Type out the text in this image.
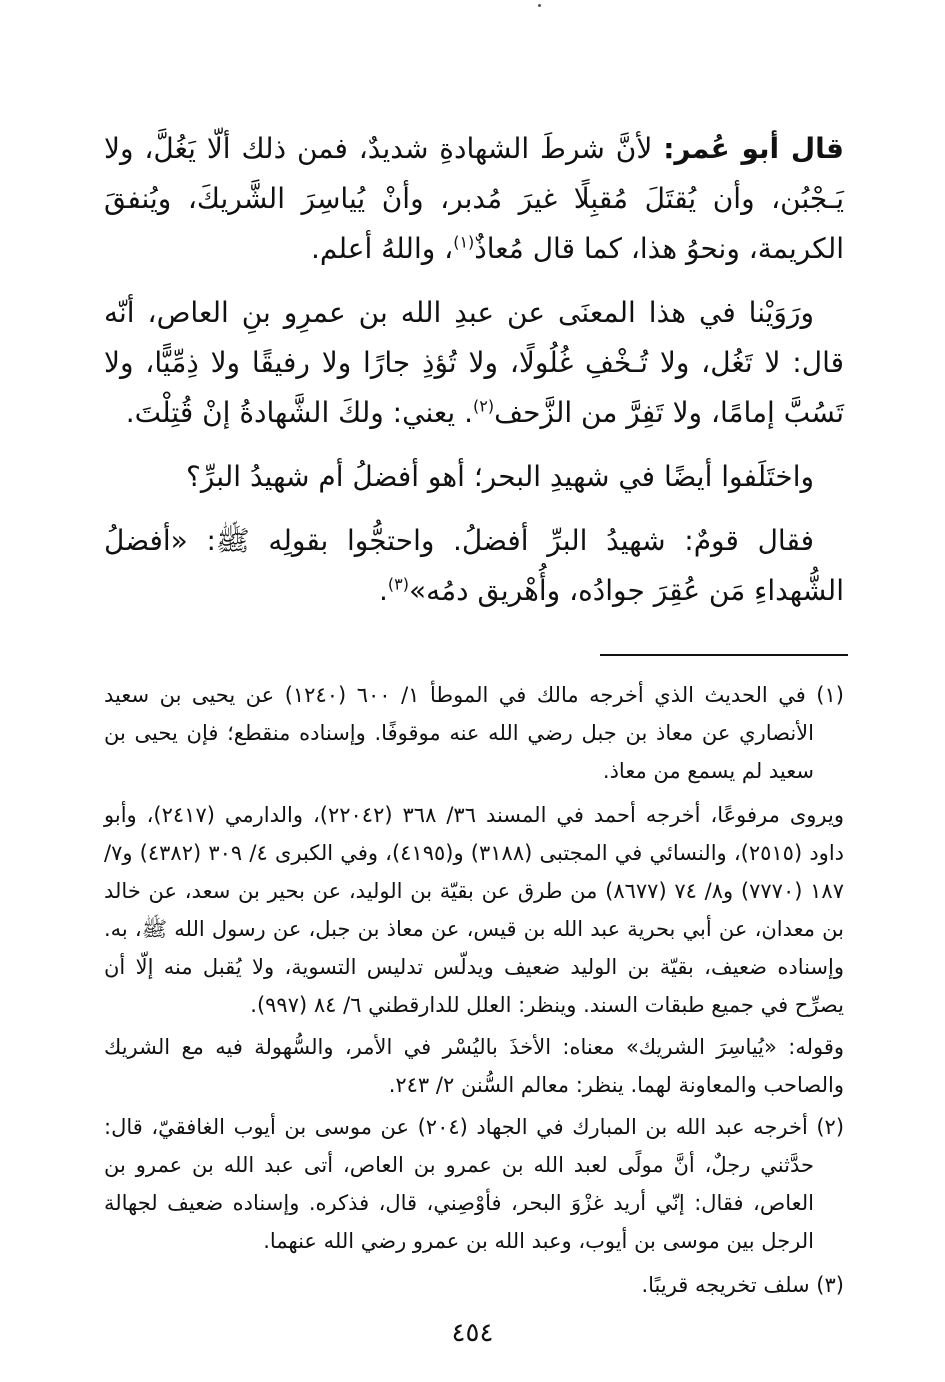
قال أبو عُمر: لأنَّ شرطَ الشهادةِ شديدٌ، فمن ذلك ألّا يَغُلَّ، ولا يَـجْبُن، وأن يُقتَلَ مُقبِلًا غيرَ مُدبر، وأنْ يُياسِرَ الشَّريكَ، ويُنفقَ الكريمة، ونحوُ هذا، كما قال مُعاذٌ$^{(١)}$، واللهُ أعلم.

ورَوَيْنا في هذا المعنَى عن عبدِ الله بن عمرِو بنِ العاص، أنّه قال: لا تَغُل، ولا تُـخْفِ غُلُولًا، ولا تُؤذِ جارًا ولا رفيقًا ولا ذِمِّيًّا، ولا تَسُبَّ إمامًا، ولا تَفِرَّ من الزَّحف$^{(٢)}$. يعني: ولكَ الشَّهادةُ إنْ قُتِلْتَ.

واختَلَفوا أيضًا في شهيدِ البحر؛ أهو أفضلُ أم شهيدُ البرِّ؟

فقال قومٌ: شهيدُ البرِّ أفضلُ. واحتجُّوا بقولِه ﷺ: «أفضلُ الشُّهداءِ مَن عُقِرَ جوادُه، وأُهْريق دمُه»$^{(٣)}$.

(١) في الحديث الذي أخرجه مالك في الموطأ ١/ ٦٠٠ (١٢٤٠) عن يحيى بن سعيد الأنصاري عن معاذ بن جبل رضي الله عنه موقوفًا. وإسناده منقطع؛ فإن يحيى بن سعيد لم يسمع من معاذ.

ويروى مرفوعًا، أخرجه أحمد في المسند ٣٦/ ٣٦٨ (٢٢٠٤٢)، والدارمي (٢٤١٧)، وأبو داود (٢٥١٥)، والنسائي في المجتبى (٣١٨٨) و(٤١٩٥)، وفي الكبرى ٤/ ٣٠٩ (٤٣٨٢) و٧/ ١٨٧ (٧٧٧٠) و٨/ ٧٤ (٨٦٧٧) من طرق عن بقيّة بن الوليد، عن بحير بن سعد، عن خالد بن معدان، عن أبي بحرية عبد الله بن قيس، عن معاذ بن جبل، عن رسول الله ﷺ، به. وإسناده ضعيف، بقيّة بن الوليد ضعيف ويدلّس تدليس التسوية، ولا يُقبل منه إلّا أن يصرِّح في جميع طبقات السند. وينظر: العلل للدارقطني ٦/ ٨٤ (٩٩٧).

وقوله: «يُياسِرَ الشريك» معناه: الأخذَ باليُسْر في الأمر، والسُّهولة فيه مع الشريك والصاحب والمعاونة لهما. ينظر: معالم السُّنن ٢/ ٢٤٣.

(٢) أخرجه عبد الله بن المبارك في الجهاد (٢٠٤) عن موسى بن أيوب الغافقيّ، قال: حدَّثني رجلٌ، أنَّ مولًى لعبد الله بن عمرو بن العاص، أتى عبد الله بن عمرو بن العاص، فقال: إنّي أريد غزْوَ البحر، فأوْصِني، قال، فذكره. وإسناده ضعيف لجهالة الرجل بين موسى بن أيوب، وعبد الله بن عمرو رضي الله عنهما.

(٣) سلف تخريجه قريبًا.

٤٥٤
